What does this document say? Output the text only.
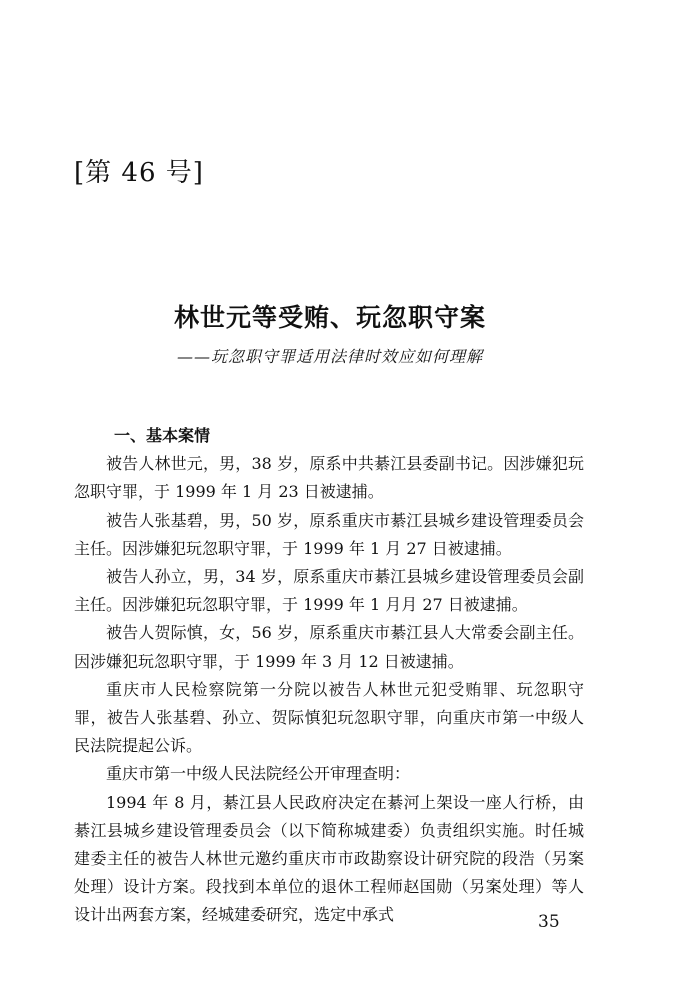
[第 46 号]
林世元等受贿、玩忽职守案
——玩忽职守罪适用法律时效应如何理解

一、基本案情

被告人林世元，男，38 岁，原系中共綦江县委副书记。因涉嫌犯玩忽职守罪，于 1999 年 1 月 23 日被逮捕。

被告人张基碧，男，50 岁，原系重庆市綦江县城乡建设管理委员会主任。因涉嫌犯玩忽职守罪，于 1999 年 1 月 27 日被逮捕。

被告人孙立，男，34 岁，原系重庆市綦江县城乡建设管理委员会副主任。因涉嫌犯玩忽职守罪，于 1999 年 1 月月 27 日被逮捕。

被告人贺际慎，女，56 岁，原系重庆市綦江县人大常委会副主任。因涉嫌犯玩忽职守罪，于 1999 年 3 月 12 日被逮捕。

重庆市人民检察院第一分院以被告人林世元犯受贿罪、玩忽职守罪，被告人张基碧、孙立、贺际慎犯玩忽职守罪，向重庆市第一中级人民法院提起公诉。

重庆市第一中级人民法院经公开审理查明：

1994 年 8 月，綦江县人民政府决定在綦河上架设一座人行桥，由綦江县城乡建设管理委员会（以下简称城建委）负责组织实施。时任城建委主任的被告人林世元邀约重庆市市政勘察设计研究院的段浩（另案处理）设计方案。段找到本单位的退休工程师赵国勋（另案处理）等人设计出两套方案，经城建委研究，选定中承式	35
